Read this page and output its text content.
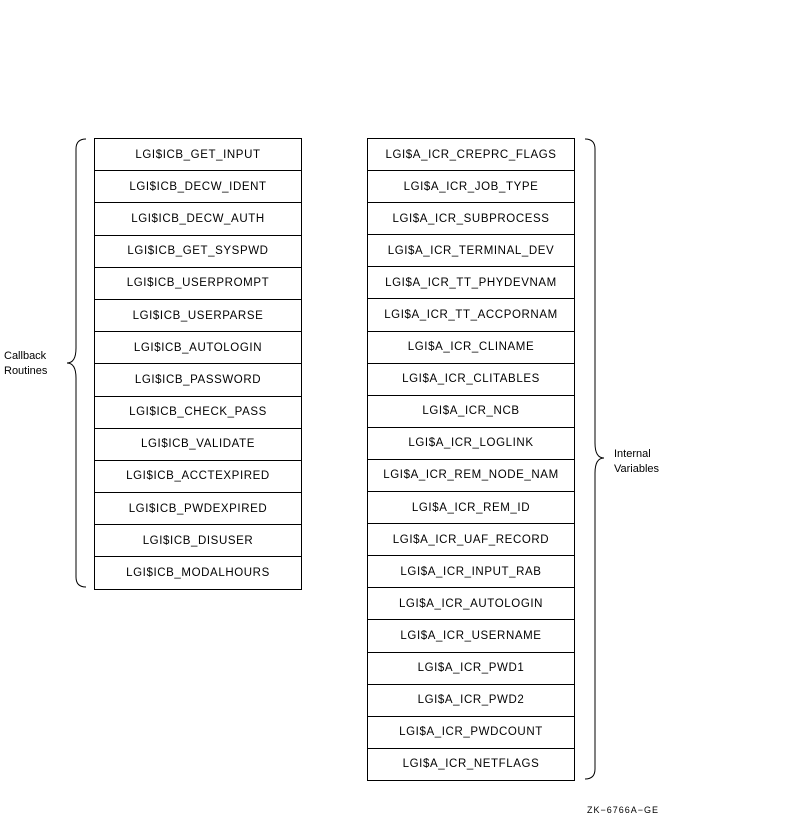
Callback
Routines
LGI$ICB_GET_INPUT
LGI$ICB_DECW_IDENT
LGI$ICB_DECW_AUTH
LGI$ICB_GET_SYSPWD
LGI$ICB_USERPROMPT
LGI$ICB_USERPARSE
LGI$ICB_AUTOLOGIN
LGI$ICB_PASSWORD
LGI$ICB_CHECK_PASS
LGI$ICB_VALIDATE
LGI$ICB_ACCTEXPIRED
LGI$ICB_PWDEXPIRED
LGI$ICB_DISUSER
LGI$ICB_MODALHOURS
LGI$A_ICR_CREPRC_FLAGS
LGI$A_ICR_JOB_TYPE
LGI$A_ICR_SUBPROCESS
LGI$A_ICR_TERMINAL_DEV
LGI$A_ICR_TT_PHYDEVNAM
LGI$A_ICR_TT_ACCPORNAM
LGI$A_ICR_CLINAME
LGI$A_ICR_CLITABLES
LGI$A_ICR_NCB
LGI$A_ICR_LOGLINK
LGI$A_ICR_REM_NODE_NAM
LGI$A_ICR_REM_ID
LGI$A_ICR_UAF_RECORD
LGI$A_ICR_INPUT_RAB
LGI$A_ICR_AUTOLOGIN
LGI$A_ICR_USERNAME
LGI$A_ICR_PWD1
LGI$A_ICR_PWD2
LGI$A_ICR_PWDCOUNT
LGI$A_ICR_NETFLAGS
Internal
Variables
ZK−6766A−GE
